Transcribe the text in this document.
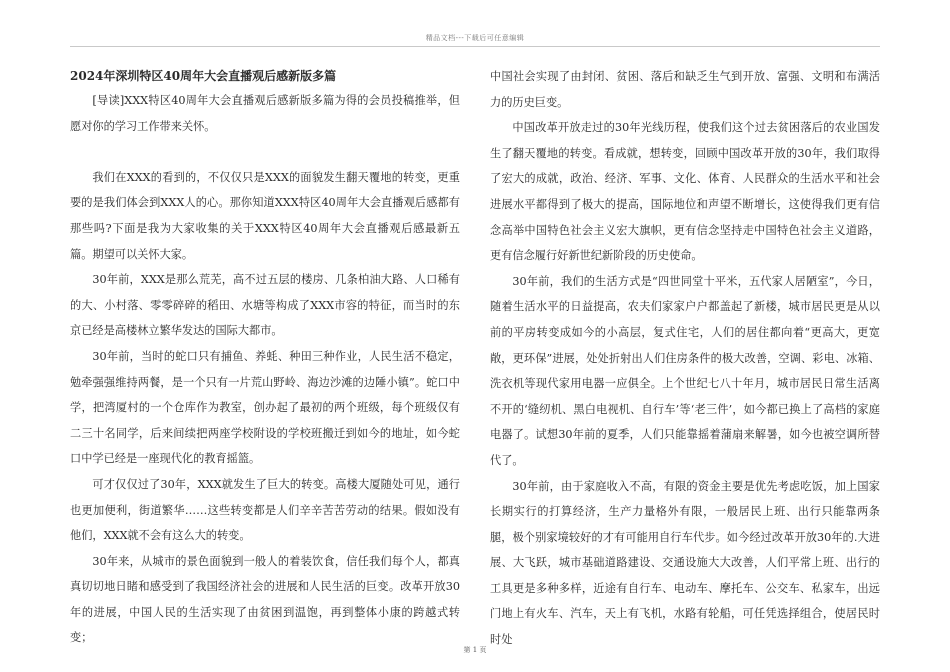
精品文档---下载后可任意编辑
2024年深圳特区40周年大会直播观后感新版多篇

[导读]XXX特区40周年大会直播观后感新版多篇为得的会员投稿推举，但愿对你的学习工作带来关怀。

我们在XXX的看到的，不仅仅只是XXX的面貌发生翻天覆地的转变，更重要的是我们体会到XXX人的心。那你知道XXX特区40周年大会直播观后感都有那些吗?下面是我为大家收集的关于XXX特区40周年大会直播观后感最新五篇。期望可以关怀大家。

30年前，XXX是那么荒芜，高不过五层的楼房、几条柏油大路、人口稀有的大、小村落、零零碎碎的稻田、水塘等构成了XXX市容的特征，而当时的东京已经是高楼林立繁华发达的国际大都市。

30年前，当时的蛇口只有捕鱼、养蚝、种田三种作业，人民生活不稳定，勉牵强强维持两餐，是一个只有一片荒山野岭、海边沙滩的边陲小镇”。蛇口中学，把湾厦村的一个仓库作为教室，创办起了最初的两个班级，每个班级仅有二三十名同学，后来间续把两座学校附设的学校班搬迁到如今的地址，如今蛇口中学已经是一座现代化的教育摇篮。

可才仅仅过了30年，XXX就发生了巨大的转变。高楼大厦随处可见，通行也更加便利，街道繁华……这些转变都是人们辛辛苦苦劳动的结果。假如没有他们，XXX就不会有这么大的转变。

30年来，从城市的景色面貌到一般人的着装饮食，信任我们每个人，都真真切切地日睹和感受到了我国经济社会的进展和人民生活的巨变。改革开放30年的进展，中国人民的生活实现了由贫困到温饱，再到整体小康的跨越式转变；

中国社会实现了由封闭、贫困、落后和缺乏生气到开放、富强、文明和布满活力的历史巨变。

中国改革开放走过的30年光线历程，使我们这个过去贫困落后的农业国发生了翻天覆地的转变。看成就，想转变，回顾中国改革开放的30年，我们取得了宏大的成就，政治、经济、军事、文化、体育、人民群众的生活水平和社会进展水平都得到了极大的提高，国际地位和声望不断增长，这使得我们更有信念高举中国特色社会主义宏大旗帜，更有信念坚持走中国特色社会主义道路，更有信念履行好新世纪新阶段的历史使命。

30年前，我们的生活方式是“四世同堂十平米，五代家人居陋室”，今日，随着生活水平的日益提高，农夫们家家户户都盖起了新楼，城市居民更是从以前的平房转变成如今的小高层，复式住宅，人们的居住都向着“更高大，更宽敞，更环保”进展，处处折射出人们住房条件的极大改善，空调、彩电、冰箱、洗衣机等现代家用电器一应俱全。上个世纪七八十年月，城市居民日常生活离不开的‘缝纫机、黑白电视机、自行车’等‘老三件’，如今都已换上了高档的家庭电器了。试想30年前的夏季，人们只能靠摇着蒲扇来解暑，如今也被空调所替代了。

30年前，由于家庭收入不高，有限的资金主要是优先考虑吃饭，加上国家长期实行的打算经济，生产力量格外有限，一般居民上班、出行只能靠两条腿，极个别家境较好的才有可能用自行车代步。如今经过改革开放30年的.大进展、大飞跃，城市基础道路建设、交通设施大大改善，人们平常上班、出行的工具更是多种多样，近途有自行车、电动车、摩托车、公交车、私家车，出远门地上有火车、汽车，天上有飞机，水路有轮船，可任凭选择组合，使居民时时处

第 1 页
